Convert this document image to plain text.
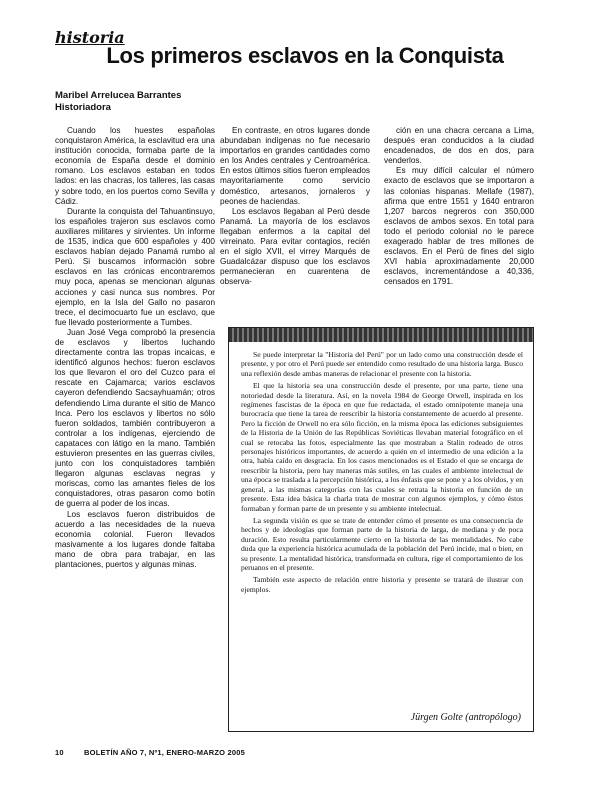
historia
Los primeros esclavos en la Conquista
Maribel Arrelucea Barrantes
Historiadora

Cuando los huestes españolas conquistaron América, la esclavitud era una institución conocida, formaba parte de la economía de España desde el dominio romano. Los esclavos estaban en todos lados: en las chacras, los talleres, las casas y sobre todo, en los puertos como Sevilla y Cádiz.

Durante la conquista del Tahuantinsuyo, los españoles trajeron sus esclavos como auxiliares militares y sirvientes. Un informe de 1535, indica que 600 españoles y 400 esclavos habían dejado Panamá rumbo al Perú. Si buscamos información sobre esclavos en las crónicas encontraremos muy poca, apenas se mencionan algunas acciones y casi nunca sus nombres. Por ejemplo, en la Isla del Gallo no pasaron trece, el decimocuarto fue un esclavo, que fue llevado posteriormente a Tumbes.

Juan José Vega comprobó la presencia de esclavos y libertos luchando directamente contra las tropas incaicas, e identificó algunos hechos: fueron esclavos los que llevaron el oro del Cuzco para el rescate en Cajamarca; varios esclavos cayeron defendiendo Sacsayhuamán; otros defendiendo Lima durante el sitio de Manco Inca. Pero los esclavos y libertos no sólo fueron soldados, también contribuyeron a controlar a los indígenas, ejerciendo de capataces con látigo en la mano. También estuvieron presentes en las guerras civiles, junto con los conquistadores también llegaron algunas esclavas negras y moriscas, como las amantes fieles de los conquistadores, otras pasaron como botín de guerra al poder de los incas.

Los esclavos fueron distribuidos de acuerdo a las necesidades de la nueva economía colonial. Fueron llevados masivamente a los lugares donde faltaba mano de obra para trabajar, en las plantaciones, puertos y algunas minas.

En contraste, en otros lugares donde abundaban indígenas no fue necesario importarlos en grandes cantidades como en los Andes centrales y Centroamérica. En estos últimos sitios fueron empleados mayoritariamente como servicio doméstico, artesanos, jornaleros y peones de haciendas.

Los esclavos llegaban al Perú desde Panamá. La mayoría de los esclavos llegaban enfermos a la capital del virreinato. Para evitar contagios, recién en el siglo XVII, el virrey Marqués de Guadalcázar dispuso que los esclavos permanecieran en cuarentena de observa-

ción en una chacra cercana a Lima, después eran conducidos a la ciudad encadenados, de dos en dos, para venderlos.

Es muy difícil calcular el número exacto de esclavos que se importaron a las colonias hispanas. Mellafe (1987), afirma que entre 1551 y 1640 entraron 1,207 barcos negreros con 350,000 esclavos de ambos sexos. En total para todo el periodo colonial no le parece exagerado hablar de tres millones de esclavos. En el Perú de fines del siglo XVI había aproximadamente 20,000 esclavos, incrementándose a 40,336, censados en 1791.

Se puede interpretar la "Historia del Perú" por un lado como una construcción desde el presente, y por otro el Perú puede ser entendido como resultado de una historia larga. Busco una reflexión desde ambas maneras de relacionar el presente con la historia.

El que la historia sea una construcción desde el presente, por una parte, tiene una notoriedad desde la literatura. Así, en la novela 1984 de George Orwell, inspirada en los regímenes fascistas de la época en que fue redactada, el estado omnipotente maneja una burocracia que tiene la tarea de reescribir la historia constantemente de acuerdo al presente. Pero la ficción de Orwell no era sólo ficción, en la misma época las ediciones subsiguientes de la Historia de la Unión de las Repúblicas Soviéticas llevaban material fotográfico en el cual se retocaba las fotos, especialmente las que mostraban a Stalin rodeado de otros personajes históricos importantes, de acuerdo a quién en el intermedio de una edición a la otra, había caído en desgracia. En los casos mencionados es el Estado el que se encarga de reescribir la historia, pero hay maneras más sutiles, en las cuales el ambiente intelectual de una época se traslada a la percepción histórica, a los énfasis que se pone y a los olvidos, y en general, a las mismas categorías con las cuales se retrata la historia en función de un presente. Esta idea básica la charla trata de mostrar con algunos ejemplos, y cómo éstos formaban y forman parte de un presente y su ambiente intelectual.

La segunda visión es que se trate de entender cómo el presente es una consecuencia de hechos y de ideologías que forman parte de la historia de larga, de mediana y de poca duración. Esto resulta particularmente cierto en la historia de las mentalidades. No cabe duda que la experiencia histórica acumulada de la población del Perú incide, mal o bien, en su presente. La mentalidad histórica, transformada en cultura, rige el comportamiento de los peruanos en el presente.

También este aspecto de relación entre historia y presente se tratará de ilustrar con ejemplos.

Jürgen Golte (antropólogo)
10	BOLETÍN AÑO 7, Nº1, ENERO-MARZO 2005
